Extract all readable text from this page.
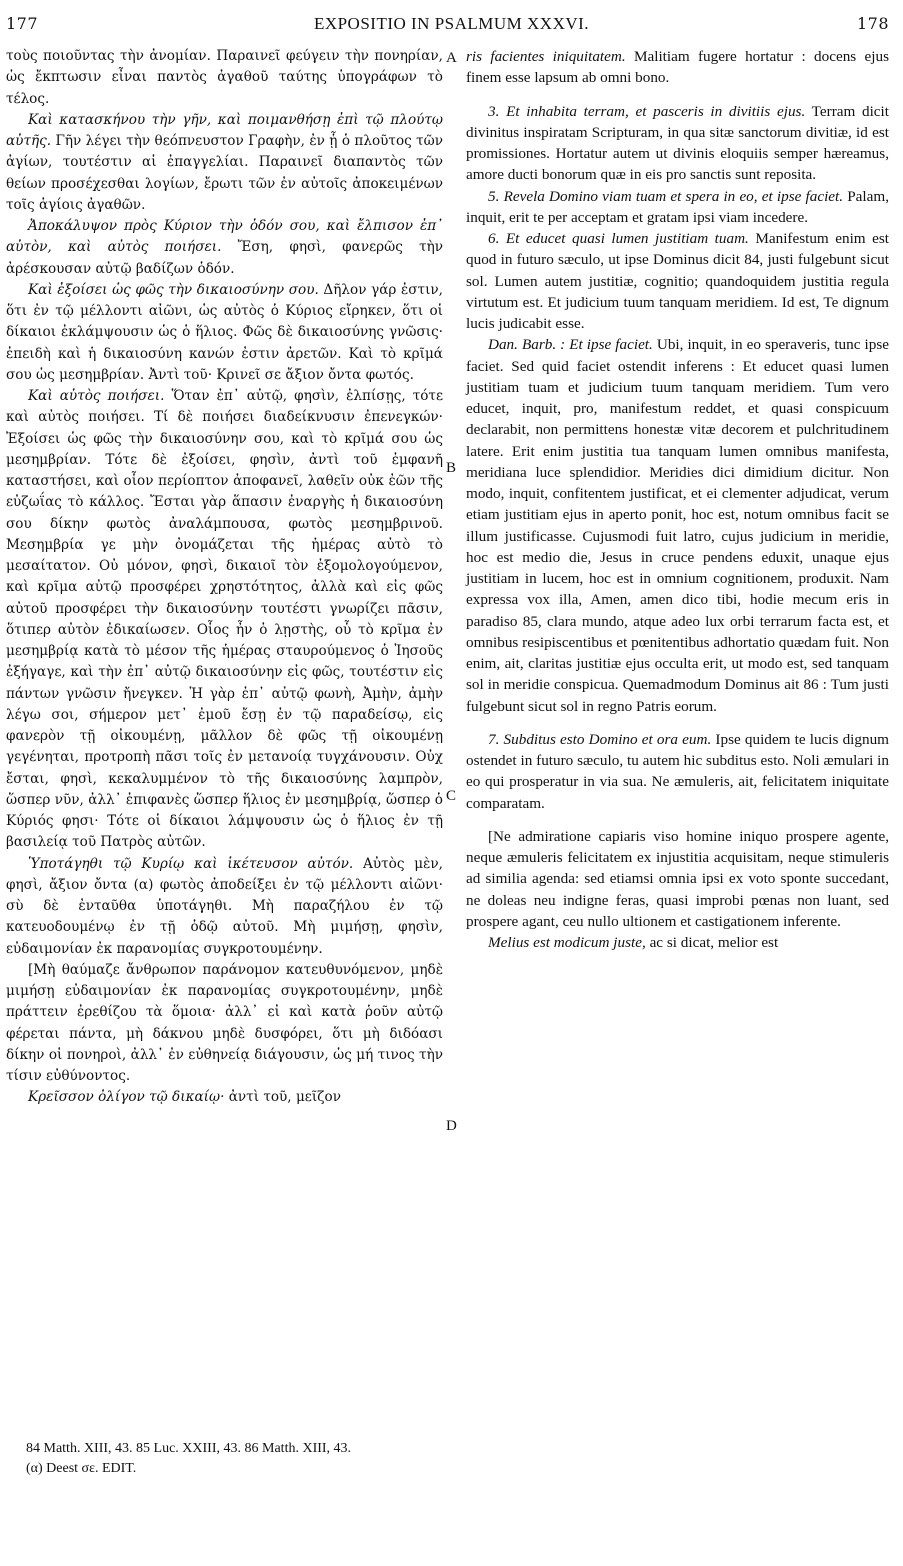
177	EXPOSITIO IN PSALMUM XXXVI.	178

τοὺς ποιοῦντας τὴν ἀνομίαν. Παραινεῖ φεύγειν τὴν πονηρίαν, ὡς ἔκπτωσιν εἶναι παντὸς ἀγαθοῦ ταύτης ὑπογράφων τὸ τέλος.

Καὶ κατασκήνου τὴν γῆν, καὶ ποιμανθήσῃ ἐπὶ τῷ πλούτῳ αὐτῆς. Γῆν λέγει τὴν θεόπνευστον Γραφὴν, ἐν ᾗ ὁ πλοῦτος τῶν ἁγίων, τουτέστιν αἱ ἐπαγγελίαι. Παραινεῖ διαπαντὸς τῶν θείων προσέχεσθαι λογίων, ἔρωτι τῶν ἐν αὐτοῖς ἀποκειμένων τοῖς ἁγίοις ἀγαθῶν.

Ἀποκάλυψον πρὸς Κύριον τὴν ὁδόν σου, καὶ ἔλπισον ἐπ᾽ αὐτὸν, καὶ αὐτὸς ποιήσει. Ἔση, φησὶ, φανερῶς τὴν ἀρέσκουσαν αὐτῷ βαδίζων ὁδόν.

Καὶ ἐξοίσει ὡς φῶς τὴν δικαιοσύνην σου. Δῆλον γάρ ἐστιν, ὅτι ἐν τῷ μέλλοντι αἰῶνι, ὡς αὐτὸς ὁ Κύριος εἴρηκεν, ὅτι οἱ δίκαιοι ἐκλάμψουσιν ὡς ὁ ἥλιος. Φῶς δὲ δικαιοσύνης γνῶσις· ἐπειδὴ καὶ ἡ δικαιοσύνη κανών ἐστιν ἀρετῶν. Καὶ τὸ κρῖμά σου ὡς μεσημβρίαν. Ἀντὶ τοῦ· Κρινεῖ σε ἄξιον ὄντα φωτός.

Καὶ αὐτὸς ποιήσει. Ὅταν ἐπ᾽ αὐτῷ, φησὶν, ἐλπίσῃς, τότε καὶ αὐτὸς ποιήσει. Τί δὲ ποιήσει διαδείκνυσιν ἐπενεγκών· Ἐξοίσει ὡς φῶς τὴν δικαιοσύνην σου, καὶ τὸ κρῖμά σου ὡς μεσημβρίαν. Τότε δὲ ἐξοίσει, φησὶν, ἀντὶ τοῦ ἐμφανῆ καταστήσει, καὶ οἷον περίοπτον ἀποφανεῖ, λαθεῖν οὐκ ἐῶν τῆς εὐζωΐας τὸ κάλλος. Ἔσται γὰρ ἅπασιν ἐναργὴς ἡ δικαιοσύνη σου δίκην φωτὸς ἀναλάμπουσα, φωτὸς μεσημβρινοῦ. Μεσημβρία γε μὴν ὀνομάζεται τῆς ἡμέρας αὐτὸ τὸ μεσαίτατον. Οὐ μόνον, φησὶ, δικαιοῖ τὸν ἐξομολογούμενον, καὶ κρῖμα αὐτῷ προσφέρει χρηστότητος, ἀλλὰ καὶ εἰς φῶς αὐτοῦ προσφέρει τὴν δικαιοσύνην τουτέστι γνωρίζει πᾶσιν, ὅτιπερ αὐτὸν ἐδικαίωσεν. Οἷος ἦν ὁ λῃστὴς, οὗ τὸ κρῖμα ἐν μεσημβρίᾳ κατὰ τὸ μέσον τῆς ἡμέρας σταυρούμενος ὁ Ἰησοῦς ἐξήγαγε, καὶ τὴν ἐπ᾽ αὐτῷ δικαιοσύνην εἰς φῶς, τουτέστιν εἰς πάντων γνῶσιν ἤνεγκεν. Ἡ γὰρ ἐπ᾽ αὐτῷ φωνὴ, Ἀμὴν, ἀμὴν λέγω σοι, σήμερον μετ᾽ ἐμοῦ ἔσῃ ἐν τῷ παραδείσῳ, εἰς φανερὸν τῇ οἰκουμένῃ, μᾶλλον δὲ φῶς τῇ οἰκουμένῃ γεγένηται, προτροπὴ πᾶσι τοῖς ἐν μετανοίᾳ τυγχάνουσιν. Οὐχ ἔσται, φησὶ, κεκαλυμμένον τὸ τῆς δικαιοσύνης λαμπρὸν, ὥσπερ νῦν, ἀλλ᾽ ἐπιφανὲς ὥσπερ ἥλιος ἐν μεσημβρίᾳ, ὥσπερ ὁ Κύριός φησι· Τότε οἱ δίκαιοι λάμψουσιν ὡς ὁ ἥλιος ἐν τῇ βασιλείᾳ τοῦ Πατρὸς αὐτῶν.

Ὑποτάγηθι τῷ Κυρίῳ καὶ ἱκέτευσον αὐτόν. Αὐτὸς μὲν, φησὶ, ἄξιον ὄντα (α) φωτὸς ἀποδείξει ἐν τῷ μέλλοντι αἰῶνι· σὺ δὲ ἐνταῦθα ὑποτάγηθι. Μὴ παραζήλου ἐν τῷ κατευοδουμένῳ ἐν τῇ ὁδῷ αὐτοῦ. Μὴ μιμήσῃ, φησὶν, εὐδαιμονίαν ἐκ παρανομίας συγκροτουμένην.

[Μὴ θαύμαζε ἄνθρωπον παράνομον κατευθυνόμενον, μηδὲ μιμήσῃ εὐδαιμονίαν ἐκ παρανομίας συγκροτουμένην, μηδὲ πράττειν ἐρεθίζου τὰ ὅμοια· ἀλλ᾽ εἰ καὶ κατὰ ῥοῦν αὐτῷ φέρεται πάντα, μὴ δάκνου μηδὲ δυσφόρει, ὅτι μὴ διδόασι δίκην οἱ πονηροὶ, ἀλλ᾽ ἐν εὐθηνείᾳ διάγουσιν, ὡς μή τινος τὴν τίσιν εὐθύνοντος.

Κρεῖσσον ὀλίγον τῷ δικαίῳ· ἀντὶ τοῦ, μεῖζον

A
B
C
D

ris facientes iniquitatem. Malitiam fugere hortatur : docens ejus finem esse lapsum ab omni bono.

3. Et inhabita terram, et pasceris in divitiis ejus. Terram dicit divinitus inspiratam Scripturam, in qua sitæ sanctorum divitiæ, id est promissiones. Hortatur autem ut divinis eloquiis semper hæreamus, amore ducti bonorum quæ in eis pro sanctis sunt reposita.

5. Revela Domino viam tuam et spera in eo, et ipse faciet. Palam, inquit, erit te per acceptam et gratam ipsi viam incedere.

6. Et educet quasi lumen justitiam tuam. Manifestum enim est quod in futuro sæculo, ut ipse Dominus dicit 84, justi fulgebunt sicut sol. Lumen autem justitiæ, cognitio; quandoquidem justitia regula virtutum est. Et judicium tuum tanquam meridiem. Id est, Te dignum lucis judicabit esse.

Dan. Barb. : Et ipse faciet. Ubi, inquit, in eo speraveris, tunc ipse faciet. Sed quid faciet ostendit inferens : Et educet quasi lumen justitiam tuam et judicium tuum tanquam meridiem. Tum vero educet, inquit, pro, manifestum reddet, et quasi conspicuum declarabit, non permittens honestæ vitæ decorem et pulchritudinem latere. Erit enim justitia tua tanquam lumen omnibus manifesta, meridiana luce splendidior. Meridies dici dimidium dicitur. Non modo, inquit, confitentem justificat, et ei clementer adjudicat, verum etiam justitiam ejus in aperto ponit, hoc est, notum omnibus facit se illum justificasse. Cujusmodi fuit latro, cujus judicium in meridie, hoc est medio die, Jesus in cruce pendens eduxit, unaque ejus justitiam in lucem, hoc est in omnium cognitionem, produxit. Nam expressa vox illa, Amen, amen dico tibi, hodie mecum eris in paradiso 85, clara mundo, atque adeo lux orbi terrarum facta est, et omnibus resipiscentibus et pœnitentibus adhortatio quædam fuit. Non enim, ait, claritas justitiæ ejus occulta erit, ut modo est, sed tanquam sol in meridie conspicua. Quemadmodum Dominus ait 86 : Tum justi fulgebunt sicut sol in regno Patris eorum.

7. Subditus esto Domino et ora eum. Ipse quidem te lucis dignum ostendet in futuro sæculo, tu autem hic subditus esto. Noli æmulari in eo qui prosperatur in via sua. Ne æmuleris, ait, felicitatem iniquitate comparatam.

[Ne admiratione capiaris viso homine iniquo prospere agente, neque æmuleris felicitatem ex injustitia acquisitam, neque stimuleris ad similia agenda: sed etiamsi omnia ipsi ex voto sponte succedant, ne doleas neu indigne feras, quasi improbi pœnas non luant, sed prospere agant, ceu nullo ultionem et castigationem inferente.

Melius est modicum juste, ac si dicat, melior est

84 Matth. XIII, 43. 85 Luc. XXIII, 43. 86 Matth. XIII, 43.
(α) Deest σε. EDIT.
